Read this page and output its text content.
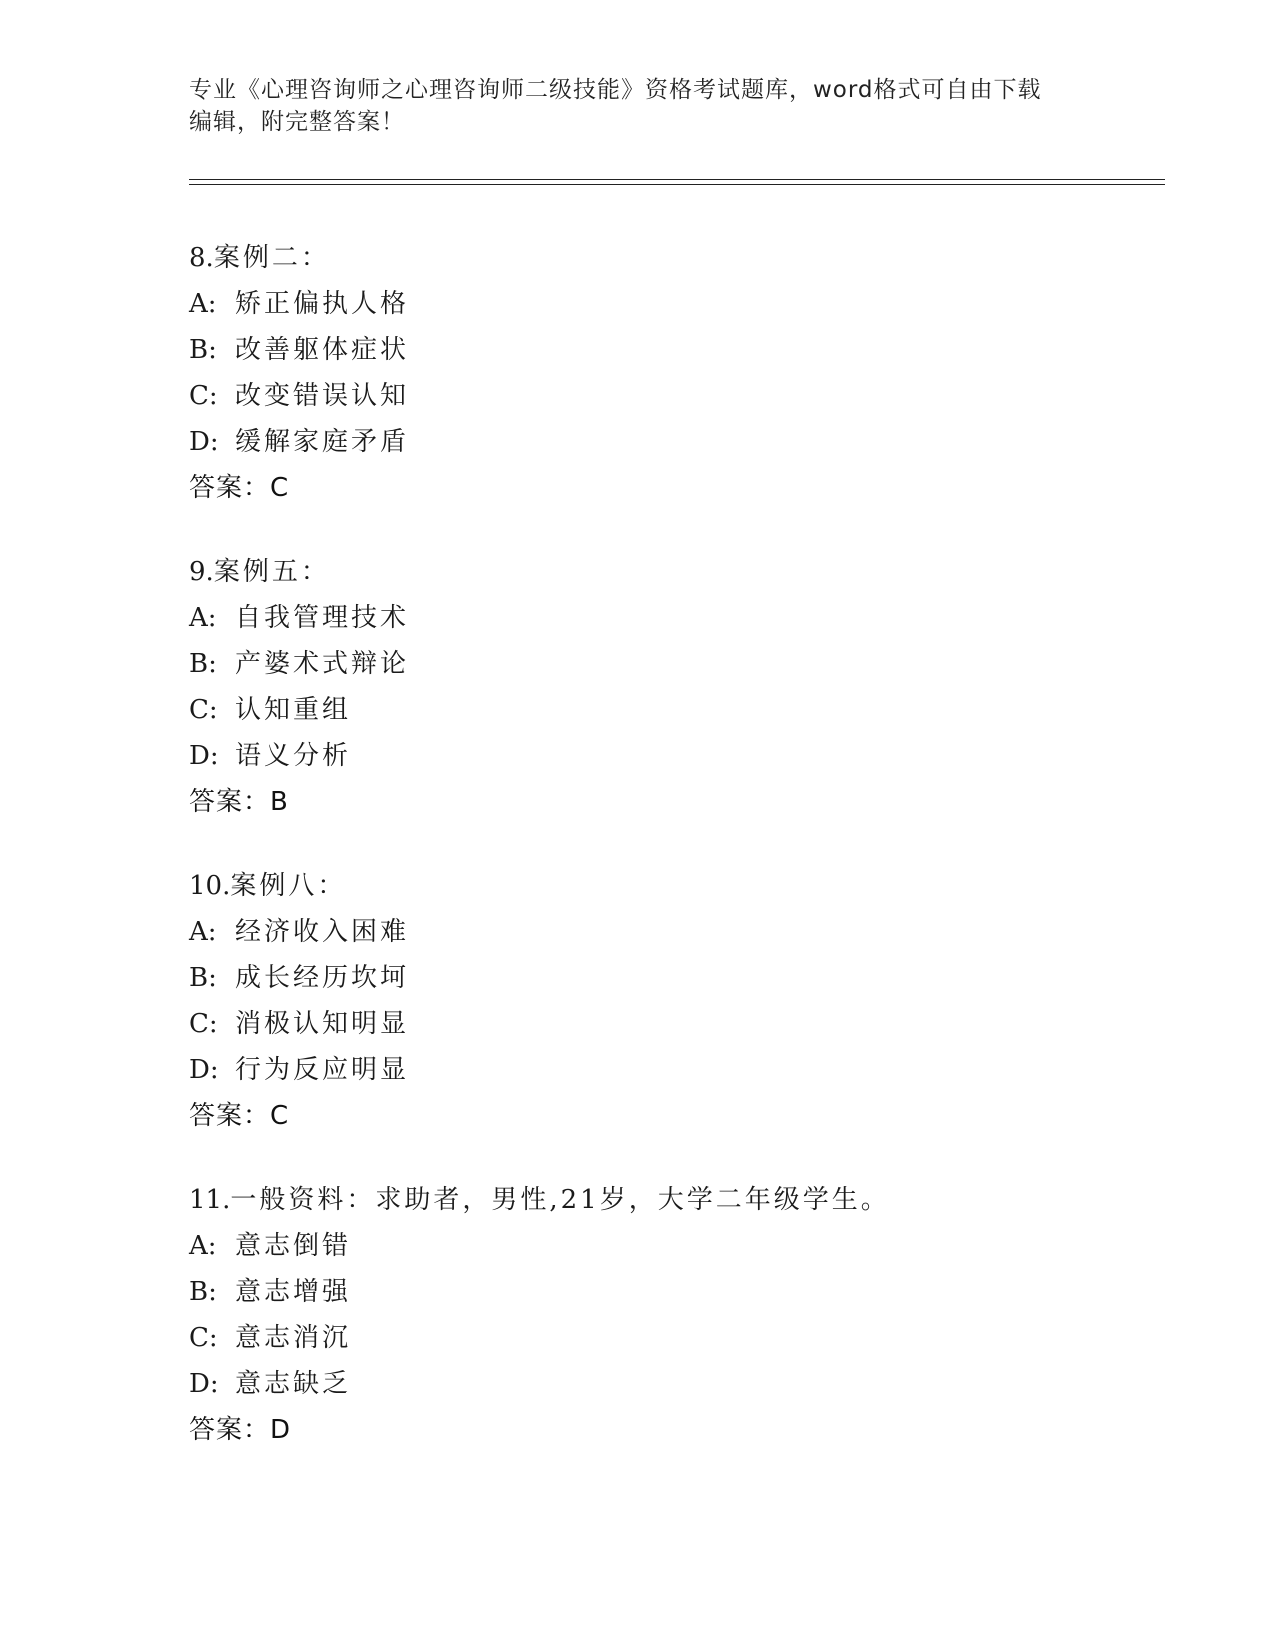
专业《心理咨询师之心理咨询师二级技能》资格考试题库，word格式可自由下载
编辑，附完整答案！
8.案例二：
A: 矫正偏执人格
B: 改善躯体症状
C: 改变错误认知
D: 缓解家庭矛盾
答案：C
9.案例五：
A: 自我管理技术
B: 产婆术式辩论
C: 认知重组
D: 语义分析
答案：B
10.案例八：
A: 经济收入困难
B: 成长经历坎坷
C: 消极认知明显
D: 行为反应明显
答案：C
11.一般资料：求助者，男性,21岁，大学二年级学生。
A: 意志倒错
B: 意志增强
C: 意志消沉
D: 意志缺乏
答案：D
